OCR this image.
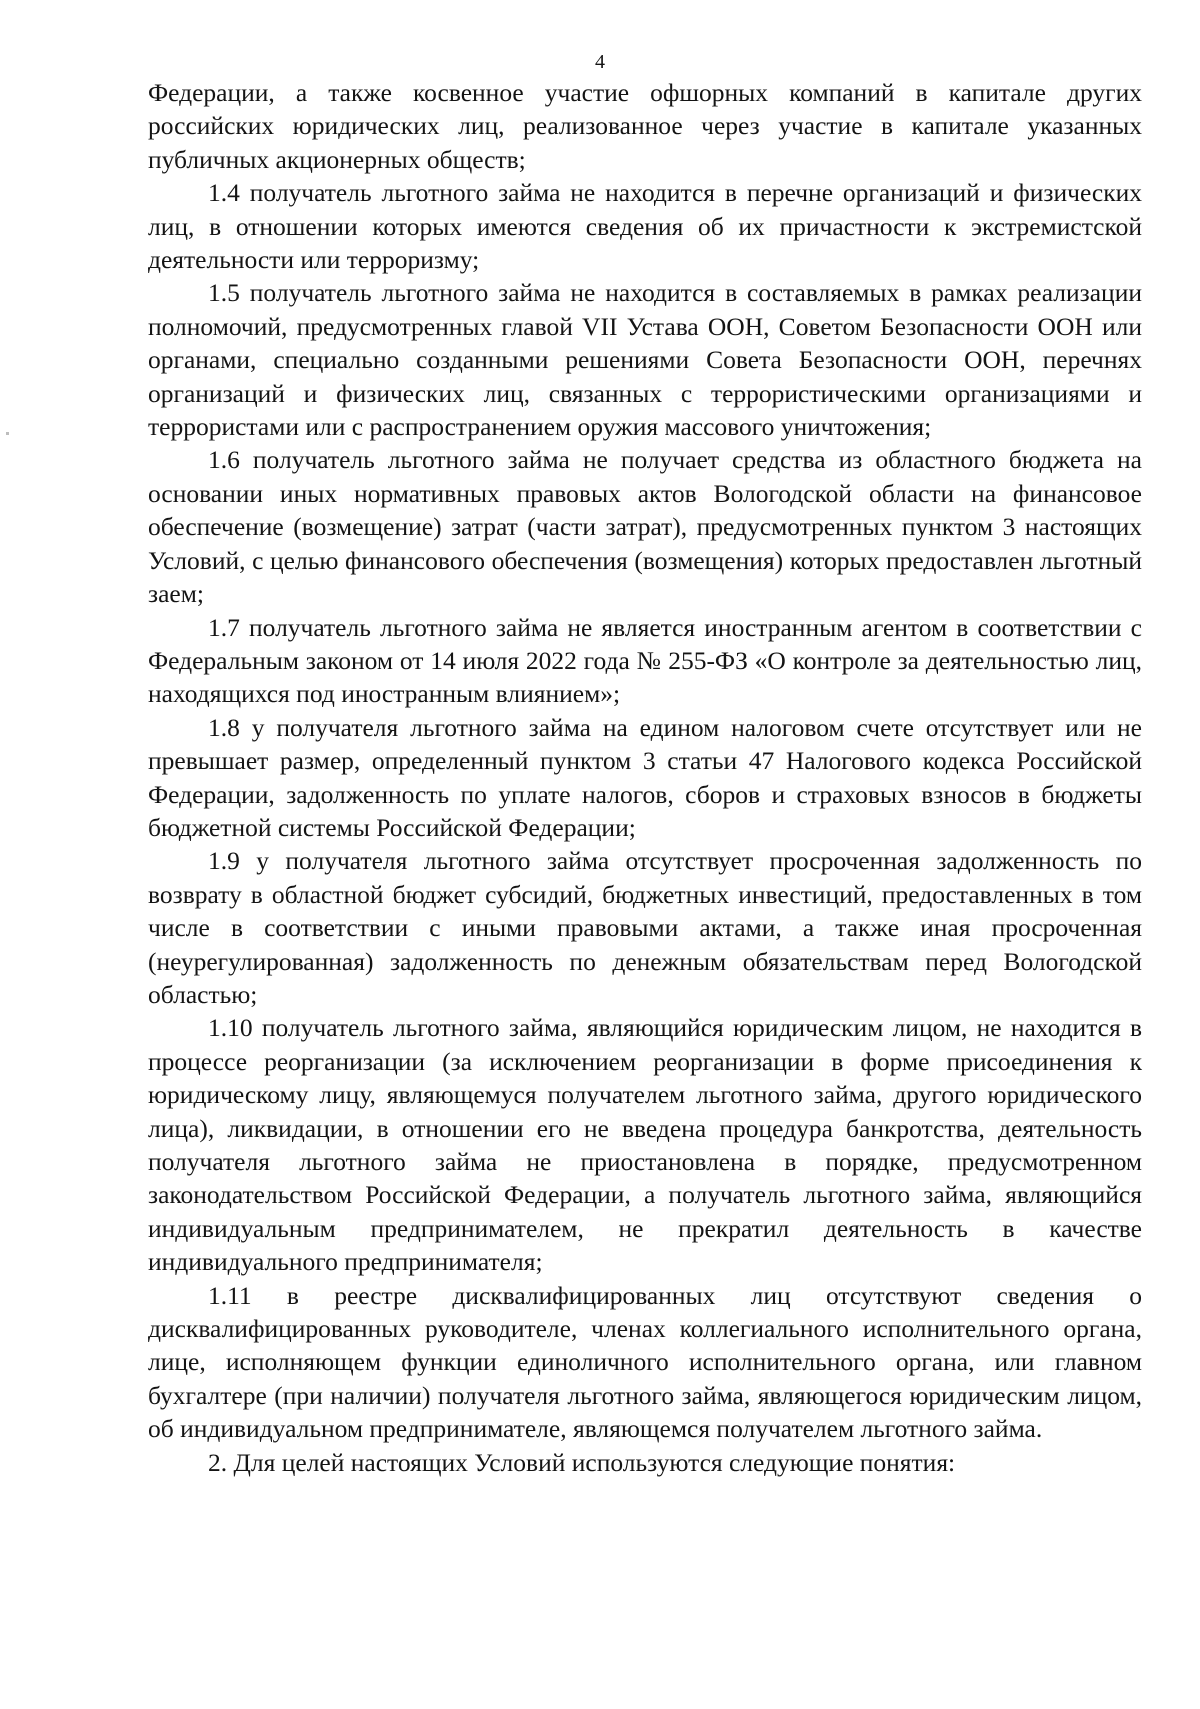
4

Федерации, а также косвенное участие офшорных компаний в капитале других российских юридических лиц, реализованное через участие в капитале указанных публичных акционерных обществ;

1.4 получатель льготного займа не находится в перечне организаций и физических лиц, в отношении которых имеются сведения об их причастности к экстремистской деятельности или терроризму;

1.5 получатель льготного займа не находится в составляемых в рамках реализации полномочий, предусмотренных главой VII Устава ООН, Советом Безопасности ООН или органами, специально созданными решениями Совета Безопасности ООН, перечнях организаций и физических лиц, связанных с террористическими организациями и террористами или с распространением оружия массового уничтожения;

1.6 получатель льготного займа не получает средства из областного бюджета на основании иных нормативных правовых актов Вологодской области на финансовое обеспечение (возмещение) затрат (части затрат), предусмотренных пунктом 3 настоящих Условий, с целью финансового обеспечения (возмещения) которых предоставлен льготный заем;

1.7 получатель льготного займа не является иностранным агентом в соответствии с Федеральным законом от 14 июля 2022 года № 255-ФЗ «О контроле за деятельностью лиц, находящихся под иностранным влиянием»;

1.8 у получателя льготного займа на едином налоговом счете отсутствует или не превышает размер, определенный пунктом 3 статьи 47 Налогового кодекса Российской Федерации, задолженность по уплате налогов, сборов и страховых взносов в бюджеты бюджетной системы Российской Федерации;

1.9 у получателя льготного займа отсутствует просроченная задолженность по возврату в областной бюджет субсидий, бюджетных инвестиций, предоставленных в том числе в соответствии с иными правовыми актами, а также иная просроченная (неурегулированная) задолженность по денежным обязательствам перед Вологодской областью;

1.10 получатель льготного займа, являющийся юридическим лицом, не находится в процессе реорганизации (за исключением реорганизации в форме присоединения к юридическому лицу, являющемуся получателем льготного займа, другого юридического лица), ликвидации, в отношении его не введена процедура банкротства, деятельность получателя льготного займа не приостановлена в порядке, предусмотренном законодательством Российской Федерации, а получатель льготного займа, являющийся индивидуальным предпринимателем, не прекратил деятельность в качестве индивидуального предпринимателя;

1.11 в реестре дисквалифицированных лиц отсутствуют сведения о дисквалифицированных руководителе, членах коллегиального исполнительного органа, лице, исполняющем функции единоличного исполнительного органа, или главном бухгалтере (при наличии) получателя льготного займа, являющегося юридическим лицом, об индивидуальном предпринимателе, являющемся получателем льготного займа.

2. Для целей настоящих Условий используются следующие понятия:
